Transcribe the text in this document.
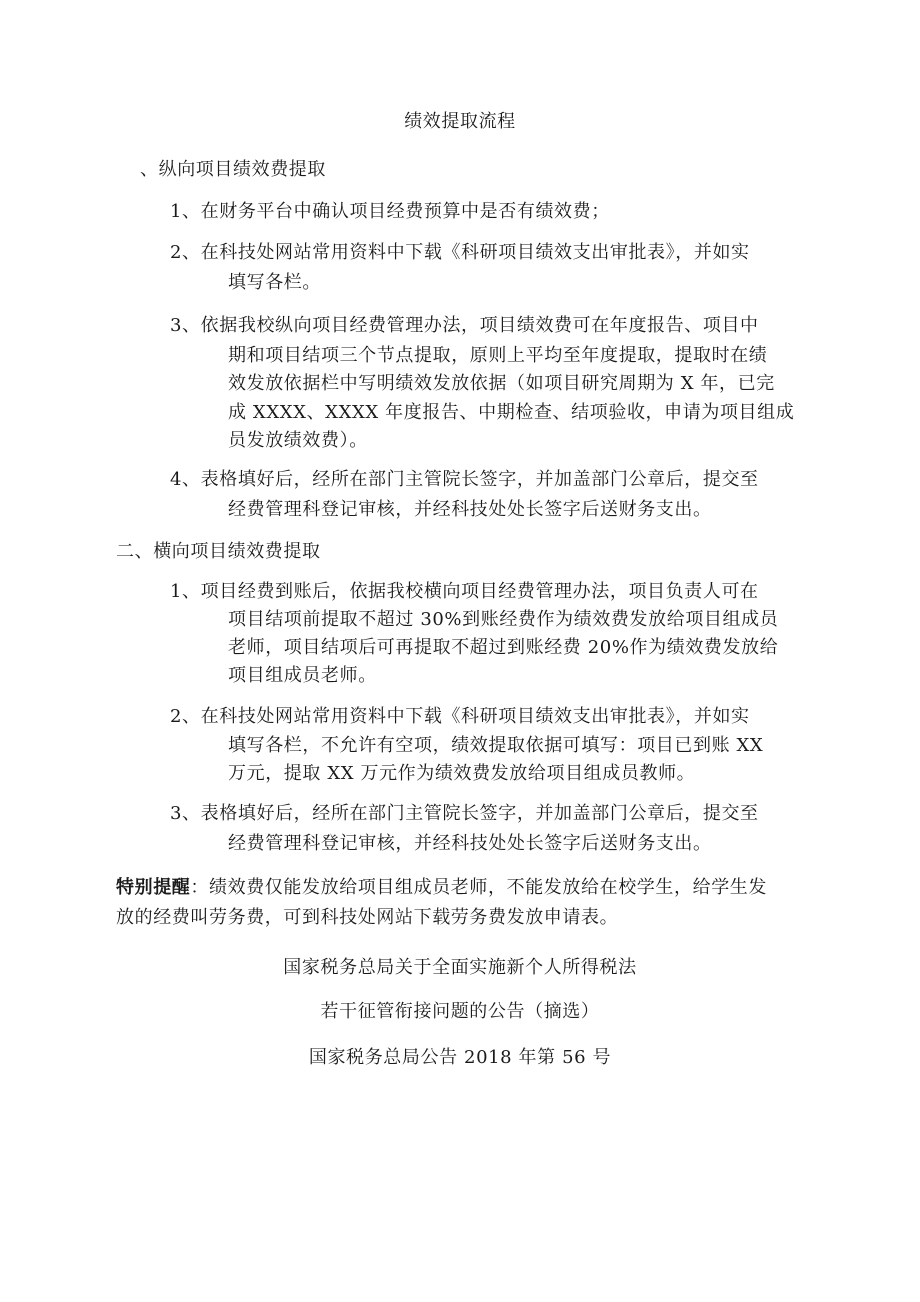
绩效提取流程
、纵向项目绩效费提取
1、在财务平台中确认项目经费预算中是否有绩效费；
2、在科技处网站常用资料中下载《科研项目绩效支出审批表》，并如实
填写各栏。
3、依据我校纵向项目经费管理办法，项目绩效费可在年度报告、项目中
期和项目结项三个节点提取，原则上平均至年度提取，提取时在绩
效发放依据栏中写明绩效发放依据（如项目研究周期为 X 年，已完
成 XXXX、XXXX 年度报告、中期检查、结项验收，申请为项目组成
员发放绩效费）。
4、表格填好后，经所在部门主管院长签字，并加盖部门公章后，提交至
经费管理科登记审核，并经科技处处长签字后送财务支出。
二、横向项目绩效费提取
1、项目经费到账后，依据我校横向项目经费管理办法，项目负责人可在
项目结项前提取不超过 30%到账经费作为绩效费发放给项目组成员
老师，项目结项后可再提取不超过到账经费 20%作为绩效费发放给
项目组成员老师。
2、在科技处网站常用资料中下载《科研项目绩效支出审批表》，并如实
填写各栏，不允许有空项，绩效提取依据可填写：项目已到账 XX
万元，提取 XX 万元作为绩效费发放给项目组成员教师。
3、表格填好后，经所在部门主管院长签字，并加盖部门公章后，提交至
经费管理科登记审核，并经科技处处长签字后送财务支出。
特别提醒：绩效费仅能发放给项目组成员老师，不能发放给在校学生，给学生发
放的经费叫劳务费，可到科技处网站下载劳务费发放申请表。
国家税务总局关于全面实施新个人所得税法
若干征管衔接问题的公告（摘选）
国家税务总局公告 2018 年第 56 号
